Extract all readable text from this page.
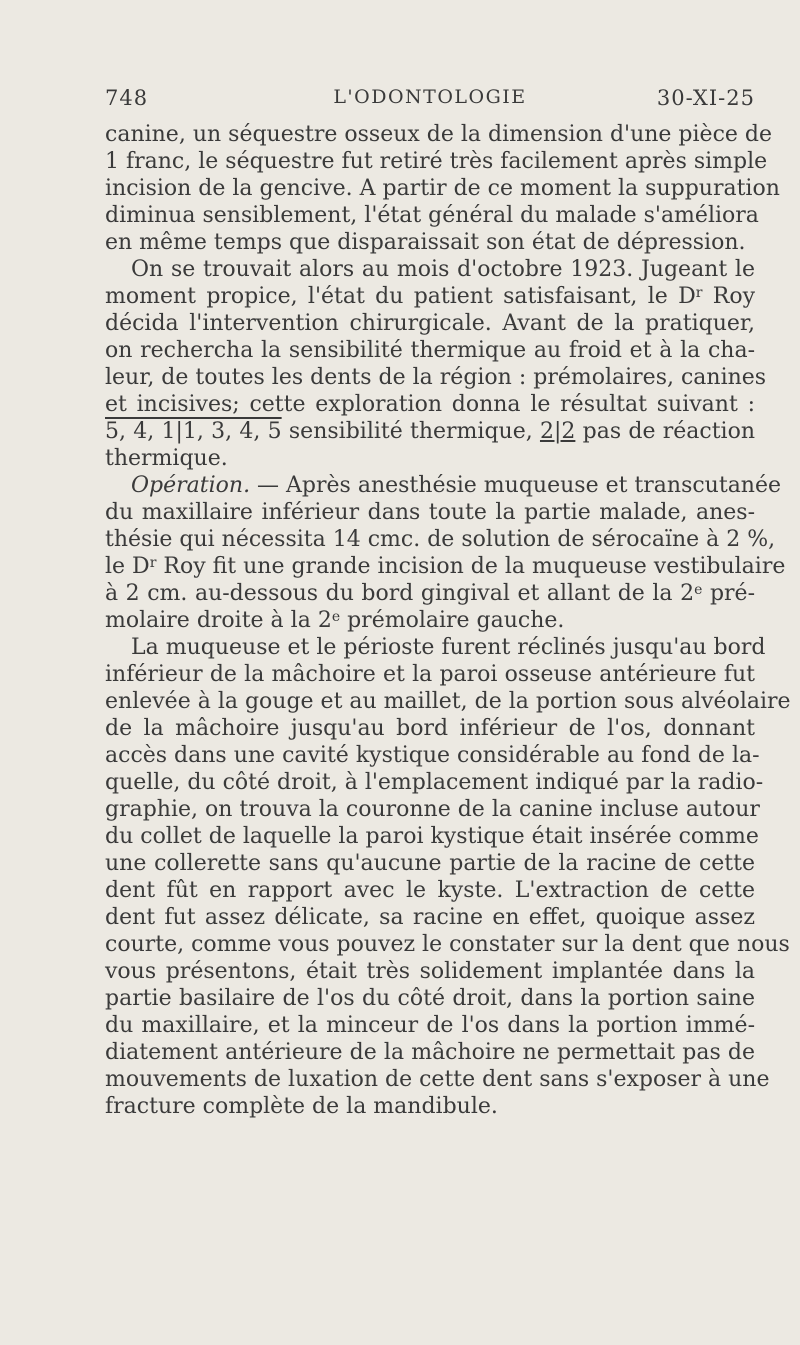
748	L'ODONTOLOGIE	30-XI-25
canine, un séquestre osseux de la dimension d'une pièce de
1 franc, le séquestre fut retiré très facilement après simple
incision de la gencive. A partir de ce moment la suppuration
diminua sensiblement, l'état général du malade s'améliora
en même temps que disparaissait son état de dépression.
On se trouvait alors au mois d'octobre 1923. Jugeant le
moment propice, l'état du patient satisfaisant, le $D^r$ Roy
décida l'intervention chirurgicale. Avant de la pratiquer,
on rechercha la sensibilité thermique au froid et à la cha-
leur, de toutes les dents de la région : prémolaires, canines
et incisives; cette exploration donna le résultat suivant :
5, 4, 1|1, 3, 4, 5 sensibilité thermique, 2|2 pas de réaction
thermique.
Opération. — Après anesthésie muqueuse et transcutanée
du maxillaire inférieur dans toute la partie malade, anes-
thésie qui nécessita 14 cmc. de solution de sérocaïne à 2 %,
le $D^r$ Roy fit une grande incision de la muqueuse vestibulaire
à 2 cm. au-dessous du bord gingival et allant de la 2e pré-
molaire droite à la 2e prémolaire gauche.
La muqueuse et le périoste furent réclinés jusqu'au bord
inférieur de la mâchoire et la paroi osseuse antérieure fut
enlevée à la gouge et au maillet, de la portion sous alvéolaire
de la mâchoire jusqu'au bord inférieur de l'os, donnant
accès dans une cavité kystique considérable au fond de la-
quelle, du côté droit, à l'emplacement indiqué par la radio-
graphie, on trouva la couronne de la canine incluse autour
du collet de laquelle la paroi kystique était insérée comme
une collerette sans qu'aucune partie de la racine de cette
dent fût en rapport avec le kyste. L'extraction de cette
dent fut assez délicate, sa racine en effet, quoique assez
courte, comme vous pouvez le constater sur la dent que nous
vous présentons, était très solidement implantée dans la
partie basilaire de l'os du côté droit, dans la portion saine
du maxillaire, et la minceur de l'os dans la portion immé-
diatement antérieure de la mâchoire ne permettait pas de
mouvements de luxation de cette dent sans s'exposer à une
fracture complète de la mandibule.
